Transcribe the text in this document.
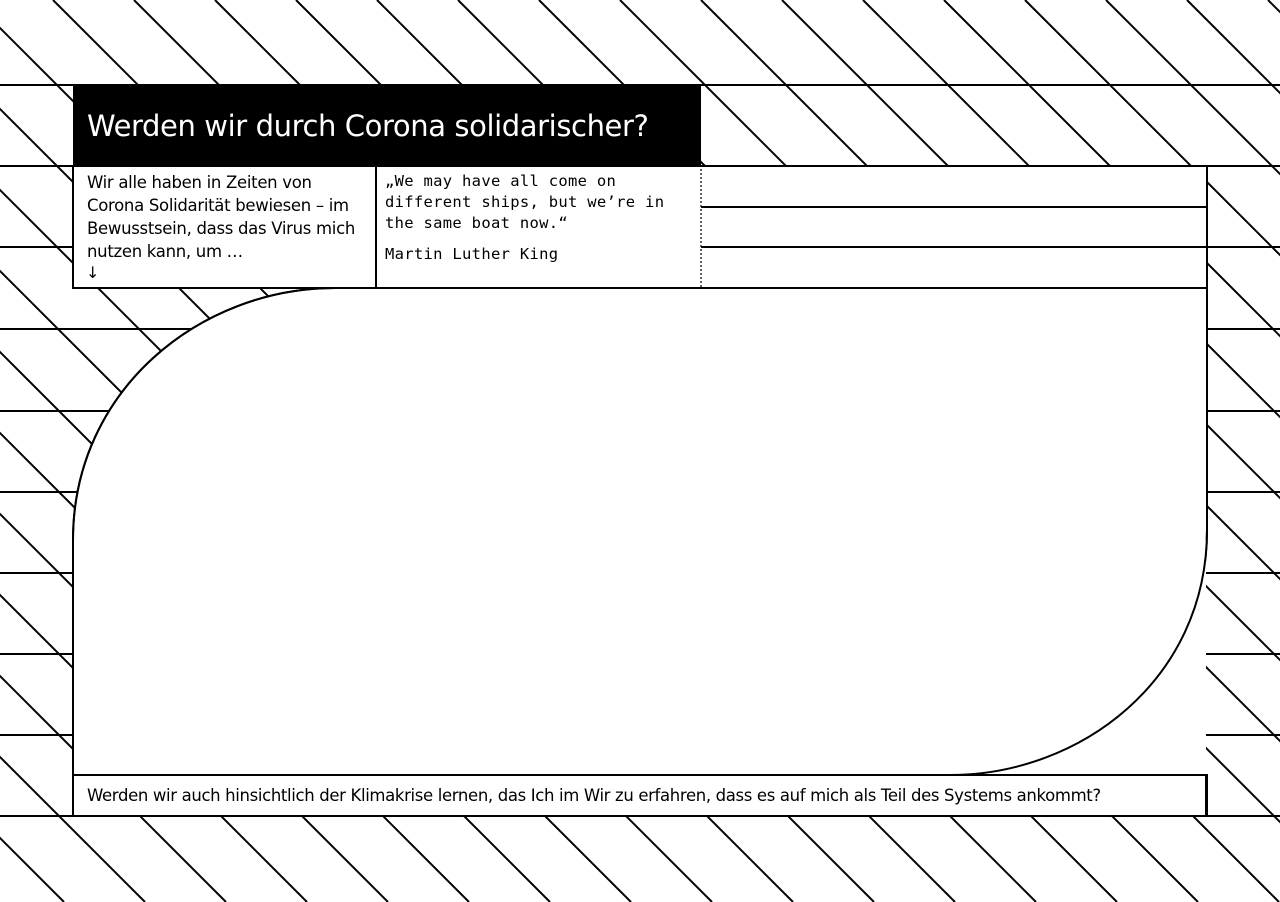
Werden wir durch Corona solidarischer?

Wir alle haben in Zeiten von Corona Solidarität bewiesen – im Bewusstsein, dass das Virus mich nutzen kann, um …

↓

„We may have all come on different ships, but we’re in the same boat now.“

Martin Luther King
Werden wir auch hinsichtlich der Klimakrise lernen, das Ich im Wir zu erfahren, dass es auf mich als Teil des Systems ankommt?
